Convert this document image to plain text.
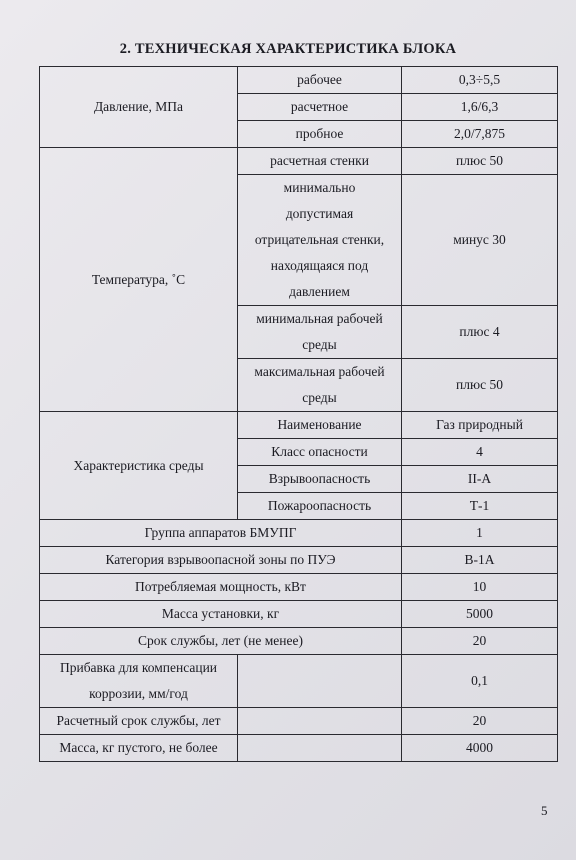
2. ТЕХНИЧЕСКАЯ ХАРАКТЕРИСТИКА БЛОКА
Давление, МПа	рабочее	0,3÷5,5
	расчетное	1,6/6,3
	пробное	2,0/7,875
Температура, ˚С	расчетная стенки	плюс 50
	минимально
допустимая
отрицательная стенки,
находящаяся под
давлением	минус 30
	минимальная рабочей
среды	плюс 4
	максимальная рабочей
среды	плюс 50
Характеристика среды	Наименование	Газ природный
	Класс опасности	4
	Взрывоопасность	II-А
	Пожароопасность	Т-1
Группа аппаратов БМУПГ		1
Категория взрывоопасной зоны по ПУЭ		В-1А
Потребляемая мощность, кВт		10
Масса установки, кг		5000
Срок службы, лет (не менее)		20
Прибавка для компенсации
коррозии, мм/год		0,1
Расчетный срок службы, лет		20
Масса, кг пустого, не более		4000
5
